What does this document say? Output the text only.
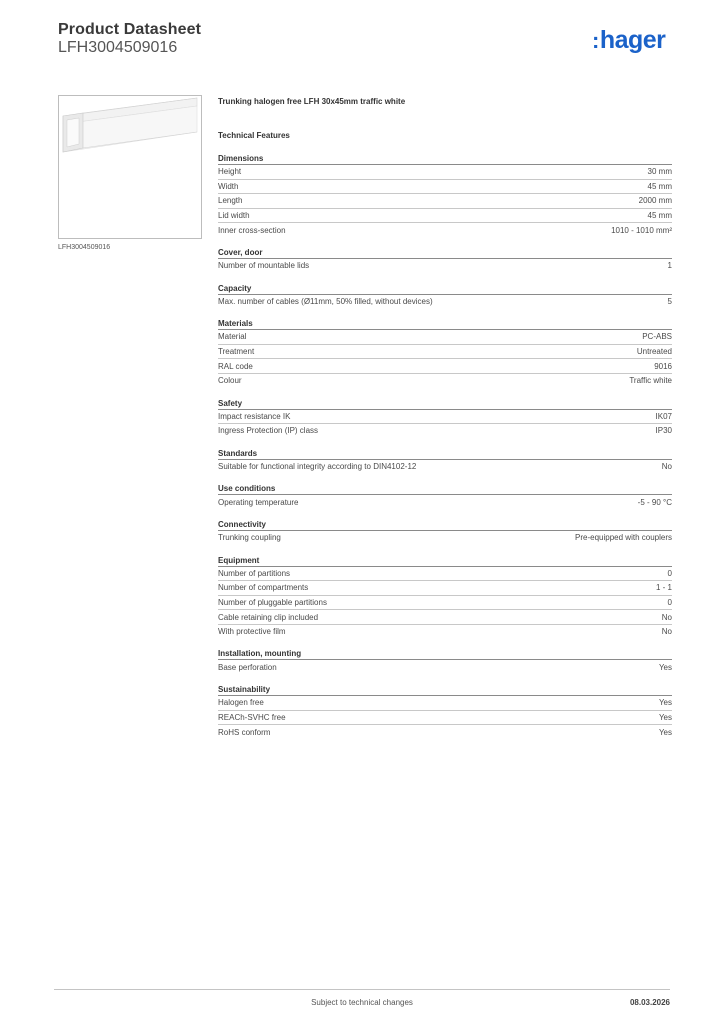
Product Datasheet
LFH3004509016	:hager
LFH3004509016
Trunking halogen free LFH 30x45mm traffic white
Technical Features
Dimensions
Height	30 mm
Width	45 mm
Length	2000 mm
Lid width	45 mm
Inner cross-section	1010 - 1010 mm²
Cover, door
Number of mountable lids	1
Capacity
Max. number of cables (Ø11mm, 50% filled, without devices)	5
Materials
Material	PC-ABS
Treatment	Untreated
RAL code	9016
Colour	Traffic white
Safety
Impact resistance IK	IK07
Ingress Protection (IP) class	IP30
Standards
Suitable for functional integrity according to DIN4102-12	No
Use conditions
Operating temperature	-5 - 90 °C
Connectivity
Trunking coupling	Pre-equipped with couplers
Equipment
Number of partitions	0
Number of compartments	1 - 1
Number of pluggable partitions	0
Cable retaining clip included	No
With protective film	No
Installation, mounting
Base perforation	Yes
Sustainability
Halogen free	Yes
REACh-SVHC free	Yes
RoHS conform	Yes
Subject to technical changes	08.03.2026
